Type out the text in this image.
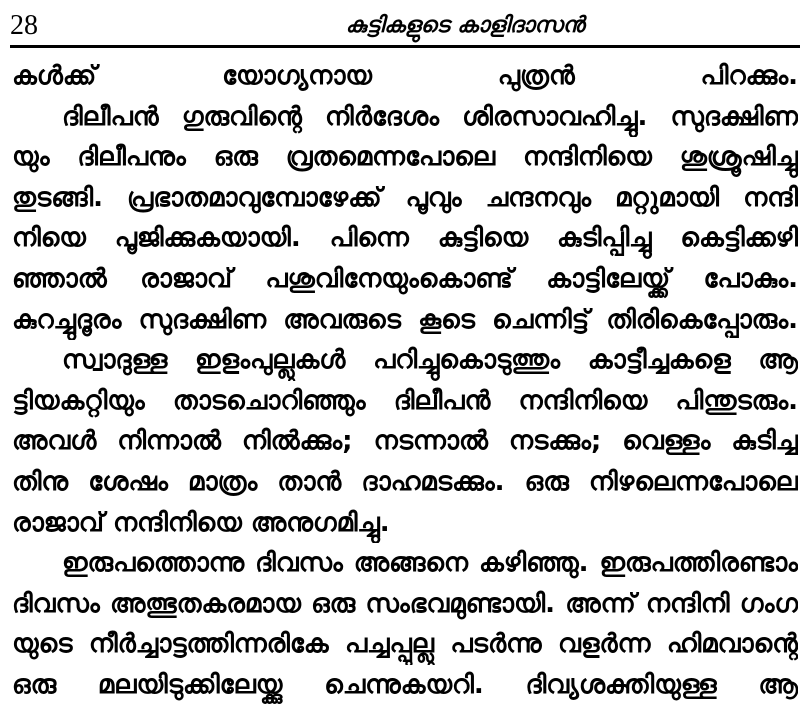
28	കുട്ടികളുടെ കാളിദാസൻ
കൾക്ക് യോഗ്യനായ പുത്രൻ പിറക്കും.
ദിലീപൻ ഗുരുവിന്റെ നിർദേശം ശിരസാവഹിച്ചു. സുദക്ഷിണ
യും ദിലീപനും ഒരു വ്രതമെന്നപോലെ നന്ദിനിയെ ശുശ്രൂഷിച്ചു
തുടങ്ങി. പ്രഭാതമാവുമ്പോഴേക്ക് പൂവും ചന്ദനവും മറ്റുമായി നന്ദി
നിയെ പൂജിക്കുകയായി. പിന്നെ കുട്ടിയെ കുടിപ്പിച്ചു കെട്ടിക്കഴി
ഞ്ഞാൽ രാജാവ് പശുവിനേയുംകൊണ്ട് കാട്ടിലേയ്ക്ക് പോകും.
കുറച്ചുദൂരം സുദക്ഷിണ അവരുടെ കൂടെ ചെന്നിട്ട് തിരികെപ്പോരും.
സ്വാദുള്ള ഇളംപുല്ലുകൾ പറിച്ചുകൊടുത്തും കാട്ടീച്ചകളെ ആ
ട്ടിയകറ്റിയും താടചൊറിഞ്ഞും ദിലീപൻ നന്ദിനിയെ പിന്തുടരും.
അവൾ നിന്നാൽ നിൽക്കും; നടന്നാൽ നടക്കും; വെള്ളം കുടിച്ച
തിനു ശേഷം മാത്രം താൻ ദാഹമടക്കും. ഒരു നിഴലെന്നപോലെ
രാജാവ് നന്ദിനിയെ അനുഗമിച്ചു.
ഇരുപത്തൊന്നു ദിവസം അങ്ങനെ കഴിഞ്ഞു. ഇരുപത്തിരണ്ടാം
ദിവസം അത്ഭുതകരമായ ഒരു സംഭവമുണ്ടായി. അന്ന് നന്ദിനി ഗംഗ
യുടെ നീർച്ചാട്ടത്തിന്നരികേ പച്ചപ്പുല്ലു പടർന്നു വളർന്ന ഹിമവാന്റെ
ഒരു മലയിടുക്കിലേയ്ക്കു ചെന്നുകയറി. ദിവ്യശക്തിയുള്ള ആ
